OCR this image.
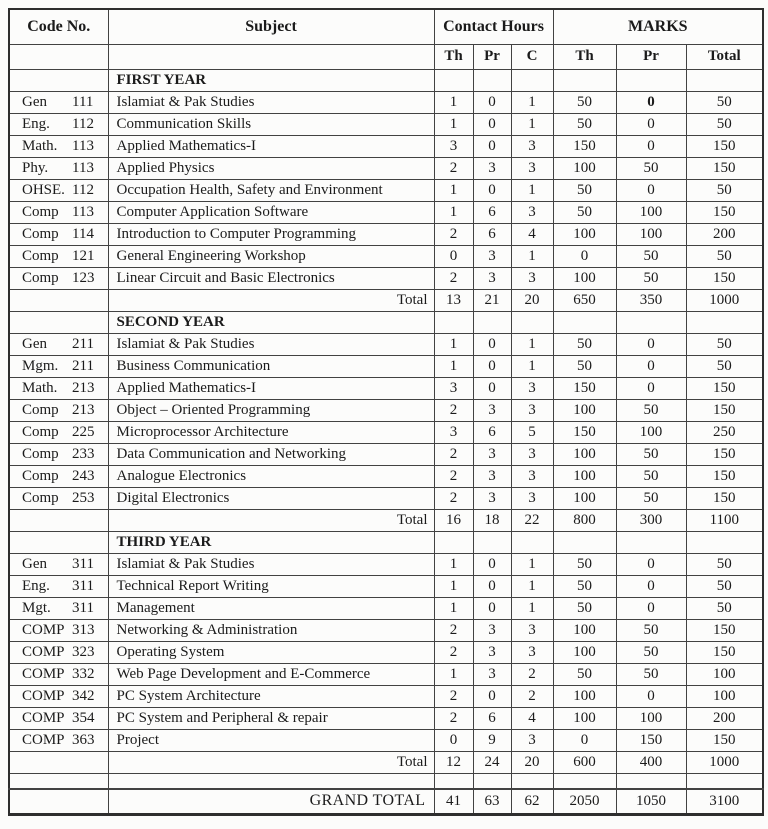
Code No.	Subject	Contact Hours			MARKS		
		Th	Pr	C	Th	Pr	Total
	FIRST YEAR						
Gen 111	Islamiat & Pak Studies	1	0	1	50	0	50
Eng. 112	Communication Skills	1	0	1	50	0	50
Math. 113	Applied Mathematics-I	3	0	3	150	0	150
Phy. 113	Applied Physics	2	3	3	100	50	150
OHSE. 112	Occupation Health, Safety and Environment	1	0	1	50	0	50
Comp 113	Computer Application Software	1	6	3	50	100	150
Comp 114	Introduction to Computer Programming	2	6	4	100	100	200
Comp 121	General Engineering Workshop	0	3	1	0	50	50
Comp 123	Linear Circuit and Basic Electronics	2	3	3	100	50	150
	Total	13	21	20	650	350	1000
	SECOND YEAR						
Gen 211	Islamiat & Pak Studies	1	0	1	50	0	50
Mgm. 211	Business Communication	1	0	1	50	0	50
Math. 213	Applied Mathematics-I	3	0	3	150	0	150
Comp 213	Object – Oriented Programming	2	3	3	100	50	150
Comp 225	Microprocessor Architecture	3	6	5	150	100	250
Comp 233	Data Communication and Networking	2	3	3	100	50	150
Comp 243	Analogue Electronics	2	3	3	100	50	150
Comp 253	Digital Electronics	2	3	3	100	50	150
	Total	16	18	22	800	300	1100
	THIRD YEAR						
Gen 311	Islamiat & Pak Studies	1	0	1	50	0	50
Eng. 311	Technical Report Writing	1	0	1	50	0	50
Mgt. 311	Management	1	0	1	50	0	50
COMP 313	Networking & Administration	2	3	3	100	50	150
COMP 323	Operating System	2	3	3	100	50	150
COMP 332	Web Page Development and E-Commerce	1	3	2	50	50	100
COMP 342	PC System Architecture	2	0	2	100	0	100
COMP 354	PC System and Peripheral & repair	2	6	4	100	100	200
COMP 363	Project	0	9	3	0	150	150
	Total	12	24	20	600	400	1000

	GRAND TOTAL	41	63	62	2050	1050	3100
